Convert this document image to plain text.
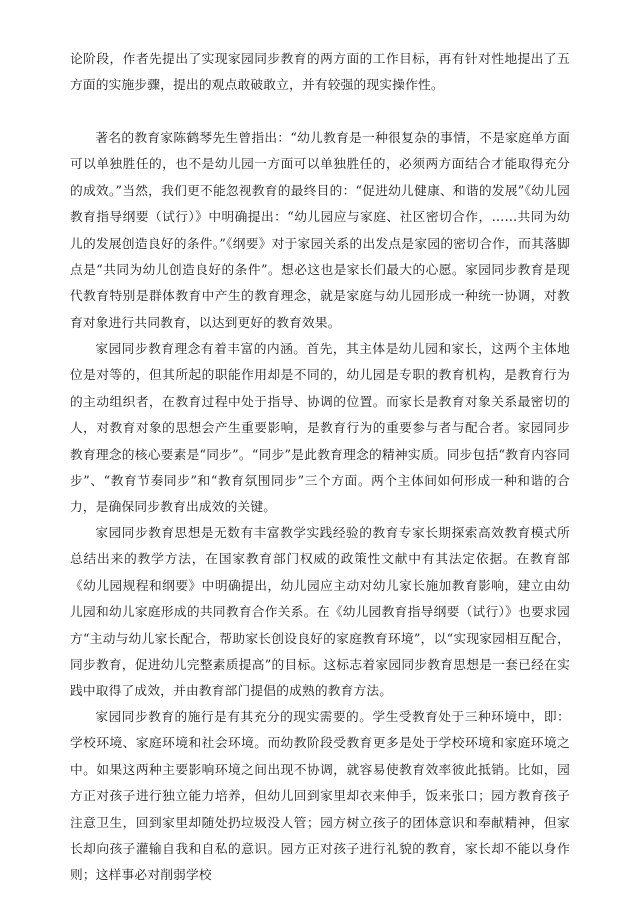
论阶段，作者先提出了实现家园同步教育的两方面的工作目标，再有针对性地提出了五方面的实施步骤，提出的观点敢破敢立，并有较强的现实操作性。

著名的教育家陈鹤琴先生曾指出：“幼儿教育是一种很复杂的事情，不是家庭单方面可以单独胜任的，也不是幼儿园一方面可以单独胜任的，必须两方面结合才能取得充分的成效。”当然，我们更不能忽视教育的最终目的：“促进幼儿健康、和谐的发展”《幼儿园教育指导纲要（试行）》中明确提出：“幼儿园应与家庭、社区密切合作，……共同为幼儿的发展创造良好的条件。”《纲要》对于家园关系的出发点是家园的密切合作，而其落脚点是“共同为幼儿创造良好的条件”。想必这也是家长们最大的心愿。家园同步教育是现代教育特别是群体教育中产生的教育理念，就是家庭与幼儿园形成一种统一协调，对教育对象进行共同教育，以达到更好的教育效果。

家园同步教育理念有着丰富的内涵。首先，其主体是幼儿园和家长，这两个主体地位是对等的，但其所起的职能作用却是不同的，幼儿园是专职的教育机构，是教育行为的主动组织者，在教育过程中处于指导、协调的位置。而家长是教育对象关系最密切的人，对教育对象的思想会产生重要影响，是教育行为的重要参与者与配合者。家园同步教育理念的核心要素是“同步”。“同步”是此教育理念的精神实质。同步包括“教育内容同步”、“教育节奏同步”和“教育氛围同步”三个方面。两个主体间如何形成一种和谐的合力，是确保同步教育出成效的关键。

家园同步教育思想是无数有丰富教学实践经验的教育专家长期探索高效教育模式所总结出来的教学方法，在国家教育部门权威的政策性文献中有其法定依据。在教育部《幼儿园规程和纲要》中明确提出，幼儿园应主动对幼儿家长施加教育影响，建立由幼儿园和幼儿家庭形成的共同教育合作关系。在《幼儿园教育指导纲要（试行）》也要求园方“主动与幼儿家长配合，帮助家长创设良好的家庭教育环境”，以“实现家园相互配合，同步教育，促进幼儿完整素质提高”的目标。这标志着家园同步教育思想是一套已经在实践中取得了成效，并由教育部门提倡的成熟的教育方法。

家园同步教育的施行是有其充分的现实需要的。学生受教育处于三种环境中，即：学校环境、家庭环境和社会环境。而幼教阶段受教育更多是处于学校环境和家庭环境之中。如果这两种主要影响环境之间出现不协调，就容易使教育效率彼此抵销。比如，园方正对孩子进行独立能力培养，但幼儿回到家里却衣来伸手，饭来张口；园方教育孩子注意卫生，回到家里却随处扔垃圾没人管；园方树立孩子的团体意识和奉献精神，但家长却向孩子灌输自我和自私的意识。园方正对孩子进行礼貌的教育，家长却不能以身作则；这样事必对削弱学校
